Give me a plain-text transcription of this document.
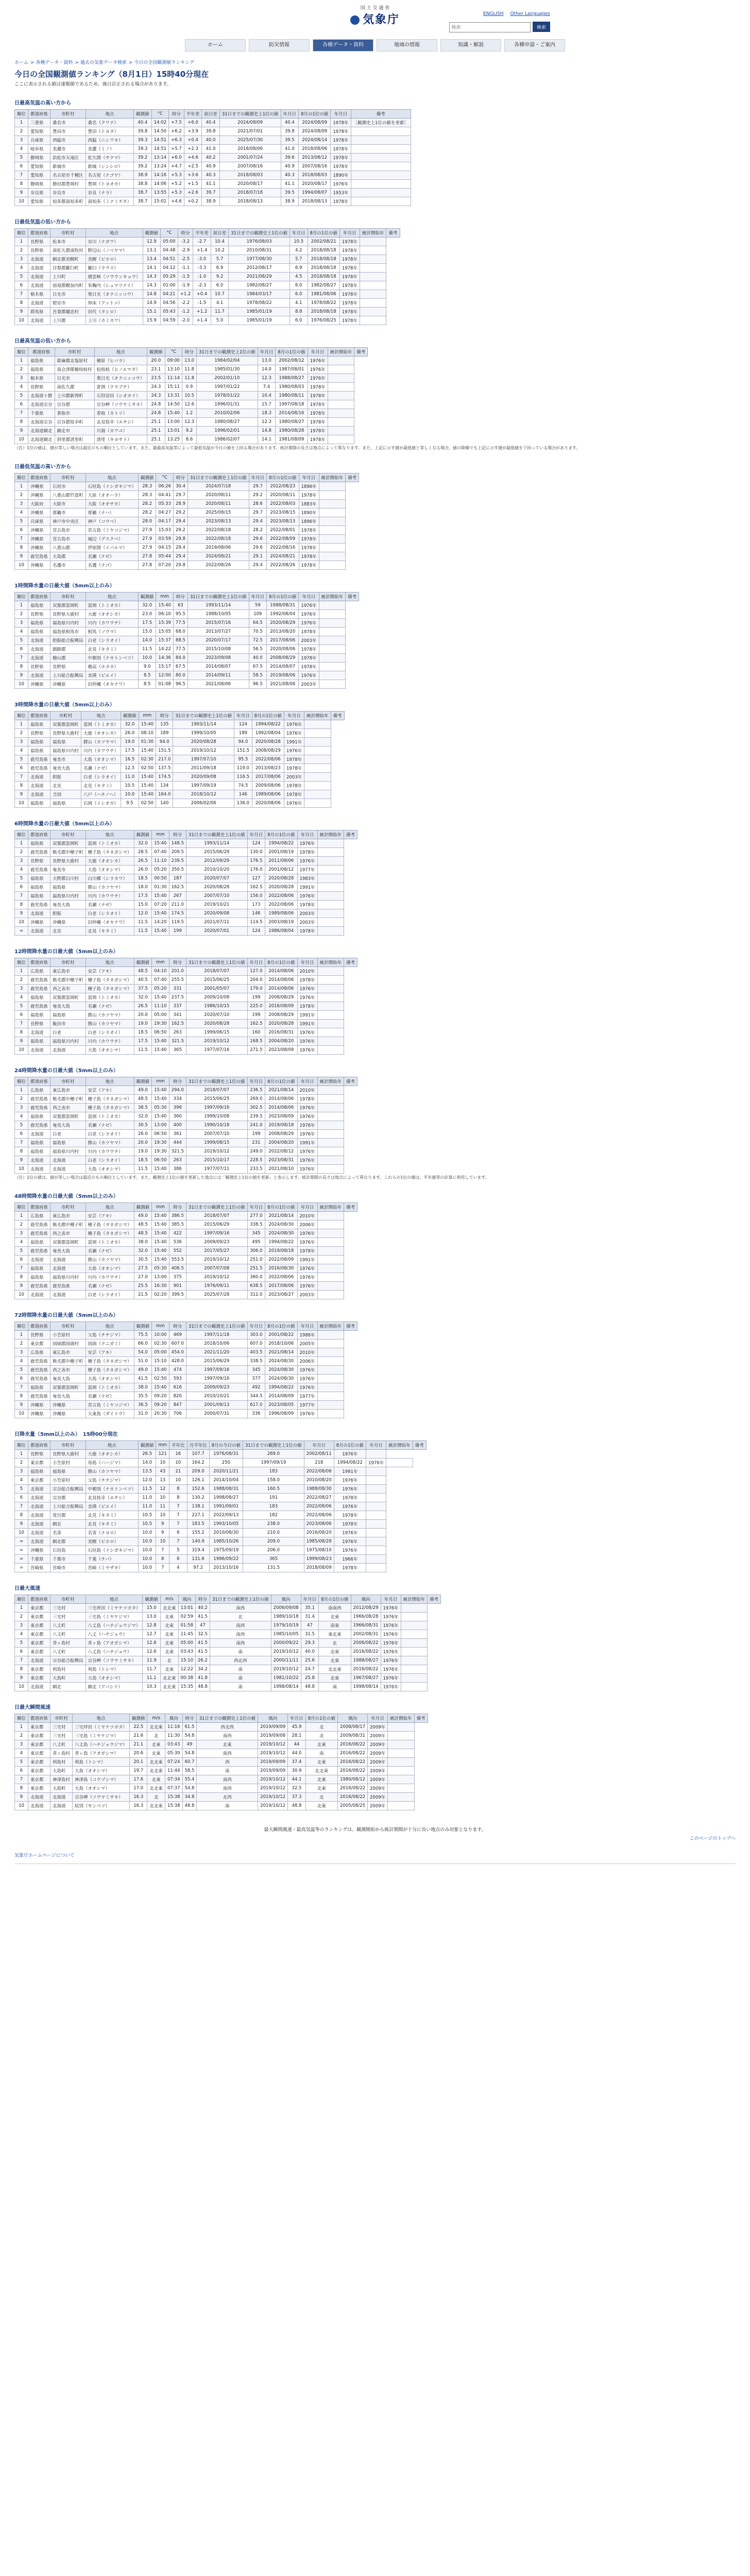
国 土 交 通 省
気象庁	ENGLISH Other Languages
検索 検索
ホーム	防災情報	各種データ・資料	地域の情報	知識・解説	各種申請・ご案内
ホーム > 各種データ・資料 > 過去の気象データ検索 > 今日の全国観測値ランキング
今日の全国観測値ランキング（8月1日）15時40分現在
ここに表示される値は速報値であるため、後日訂正される場合があります。
日最高気温の高い方から
順位	都道府県	市町村	地点	観測値	°C	時分	平年差	前日差	31日までの観測史上1位の値	年月日	8月の1位の値	年月日	備考
1	三重県	桑名市	桑名（クワナ）	40.4	14:02	+7.5	+6.0	40.4	2024/08/09	40.4	2024/08/09	1978年	［観測史上1位の値を更新］
2	愛知県	豊田市	豊田（トヨタ）	39.8	14:50	+6.2	+3.9	39.8	2021/07/01	39.8	2024/08/09	1978年	
3	兵庫県	西脇市	西脇（ニシワキ）	39.3	14:51	+6.3	+0.4	40.0	2025/07/30	39.5	2024/08/14	1978年	
4	岐阜県	美濃市	美濃（ミノ）	39.3	14:51	+5.7	+2.3	41.0	2018/08/06	41.0	2018/08/06	1978年	
5	静岡県	浜松市天竜区	佐久間（サクマ）	39.2	13:14	+6.0	+4.6	40.2	2001/07/24	39.6	2013/08/12	1978年	
6	愛知県	新城市	新城（シンシロ）	39.2	13:24	+4.7	+2.5	40.9	2007/08/16	40.9	2007/08/16	1978年	
7	愛知県	名古屋市千種区	名古屋（ナゴヤ）	38.9	14:16	+5.3	+3.6	40.3	2018/08/03	40.3	2018/08/03	1890年	
8	静岡県	磐田郡豊岡村	豊岡（トヨオカ）	38.8	14:06	+5.2	+1.5	41.1	2020/08/17	41.1	2020/08/17	1976年	
9	奈良県	奈良市	奈良（ナラ）	38.7	13:55	+5.3	+2.6	39.7	2018/07/18	39.5	1994/08/07	1953年	
10	愛知県	知多郡南知多町	南知多（ミナミチタ）	38.7	15:01	+4.6	+0.2	38.9	2018/08/13	38.9	2018/08/13	1978年	
日最低気温の低い方から
順位	都道府県	市町村	地点	観測値	°C	時分	平年差	前日差	31日までの観測史上1位の値	年月日	8月の1位の値	年月日	統計開始年	備考
1	長野県	松本市	奈川（ナガワ）	12.9	05:00	-3.2	-2.7	10.4	1976/08/03	10.5	2002/08/21	1978年		
2	長野県	南佐久郡南牧村	野辺山（ノベヤマ）	13.1	04:48	-2.9	+1.4	10.2	2010/08/31	4.2	2018/08/18	1978年		
3	北海道	網走郡美幌町	美幌（ビホロ）	13.4	04:51	-2.5	-3.0	5.7	1977/08/30	5.7	2018/08/18	1978年		
4	北海道	目梨郡羅臼町	羅臼（ラウス）	14.1	04:12	-1.1	-3.3	6.9	2012/08/17	6.9	2018/08/18	1978年		
5	北海道	上川町	層雲峡（ソウウンキョウ）	14.3	05:29	-1.5	-1.0	9.2	2021/08/29	4.5	2018/08/18	1978年		
6	北海道	雨竜郡幌加内町	朱鞠内（シュマリナイ）	14.3	01:00	-1.9	-2.3	6.0	1982/08/27	6.0	1982/08/27	1978年		
7	栃木県	日光市	奥日光（オクニッコウ）	14.8	04:21	+1.2	+0.4	10.7	1984/03/17	6.0	1981/08/06	1978年		
8	北海道	根室市	厚床（アットコ）	14.9	04:56	-2.2	-1.5	4.1	1978/08/22	4.1	1978/08/22	1978年		
9	群馬県	吾妻郡嬬恋村	田代（タシロ）	15.1	05:43	-1.2	+1.2	11.7	1985/01/19	8.8	2018/08/18	1978年		
10	北海道	上川郡	上川（カミカワ）	15.9	04:59	-2.0	+1.4	5.0	1985/01/19	6.0	1976/08/25	1978年		
日最高気温の低い方から
順位	都道府県	市町村	地点	観測値	°C	時分	31日までの観測史上1位の値	年月日	8月の1位の値	年月日	統計開始年	備考
1	福島県	耶麻郡北塩原村	檜原（ヒバラ）	20.0	09:00	13.0	1984/02/04	13.0	2002/08/12	1976年		
2	福島県	南会津郡檜枝岐村	桧枝岐（ヒノエマタ）	23.1	13:10	11.8	1985/01/30	14.0	1987/08/01	1976年		
3	栃木県	日光市	奥日光（オクニッコウ）	23.5	11:14	11.8	2002/01/10	12.3	1988/08/27	1976年		
4	長野県	南佐久郡	倉渕（クラブチ）	24.3	15:11	0.9	1997/01/22	7.4	1980/08/03	1978年		
5	北海道十勝	上川郡新得町	石狩沼田（シオカリ）	24.3	13:31	10.5	1978/01/22	10.4	1980/08/11	1978年		
6	北海道宗谷	宗谷郡	宗谷岬（ソウヤミサキ）	24.8	14:50	12.6	1996/01/31	15.7	1997/08/18	1978年		
7	千葉県	香取市	香取（カトリ）	24.8	15:40	1.2	2010/02/06	18.3	2014/08/16	1978年		
8	北海道宗谷	宗谷郡枝幸町	北見枝幸（エサシ）	25.1	13:00	12.3	1980/08/27	12.3	1980/08/27	1978年		
9	北海道網走	網走市	川湯（カワユ）	25.1	13:01	9.2	1996/02/01	14.8	1980/08/28	1978年		
10	北海道網走	斜里郡清里町	清里（キヨサト）	25.1	13:25	8.6	1986/02/07	14.1	1981/08/09	1978年		
（注）1位の値は、値が等しい場合は最近のもの順位としています。また、最最高気温等によって最低気温が今日の値を上回る場合があります。統計期間の長さは地点によって異なります。また、上記に示す値が最低値と等しくなる場合、値の降順でも上記に示す値が最低値を下回っている場合があります。
日最低気温の高い方から
順位	都道府県	市町村	地点	観測値	°C	時分	31日までの観測史上1位の値	年月日	8月の1位の値	年月日	統計開始年	備考
1	沖縄県	石垣市	石垣島（イシガキジマ）	28.3	06:26	30.4	2024/07/18	29.7	2022/08/23	1896年		
2	沖縄県	八重山郡竹富町	大原（オオハラ）	28.3	04:41	29.7	2020/08/11	29.2	2020/08/11	1978年		
3	大阪府	大阪市	大阪（オオサカ）	28.2	05:33	28.9	2020/08/11	28.6	2022/08/03	1883年		
4	沖縄県	那覇市	那覇（ナハ）	28.2	04:27	29.2	2025/08/15	29.7	2023/08/15	1890年		
5	兵庫県	神戸市中央区	神戸（コウベ）	28.0	04:17	29.4	2023/08/13	29.4	2023/08/13	1896年		
6	沖縄県	宮古島市	宮古島（ミヤコジマ）	27.9	15:03	29.2	2022/08/18	28.2	2022/08/01	1978年		
7	沖縄県	宮古島市	城辺（グスクベ）	27.9	03:59	29.8	2022/08/18	29.6	2022/08/09	1978年		
8	沖縄県	八重山郡	伊原間（イバルマ）	27.9	04:15	29.4	2019/08/06	29.6	2022/08/16	1978年		
9	鹿児島県	大島郡	名瀬（ナゼ）	27.8	05:44	29.4	2024/08/21	29.1	2024/08/21	1978年		
10	沖縄県	名護市	名護（ナゴ）	27.8	07:20	29.8	2022/08/26	29.4	2022/08/26	1978年		
1時間降水量の日最大値（5mm以上のみ）
順位	都道府県	市町村	地点	観測値	mm	時分	31日までの観測史上1位の値	年月日	8月の1位の値	年月日	統計開始年	備考
1	福島県	双葉郡富岡町	富岡（トミオカ）	32.0	15:40	63	1993/11/14	59	1988/08/31	1976年		
2	長野県	長野県大鹿村	大鹿（オオシカ）	23.0	06:10	95.5	1988/10/05	109	1992/08/04	1976年		
3	福島県	福島県川内村	川内（カワウチ）	17.5	15:39	77.5	2015/07/16	64.5	2020/08/29	1976年		
4	福島県	福島県相馬市	相馬（ソウマ）	15.0	15:05	68.0	2013/07/27	70.5	2013/08/20	1978年		
5	北海道	胆振総合振興局	白老（シラオイ）	14.0	15:37	88.5	2020/07/17	72.5	2017/08/06	2003年		
6	北海道	釧路郡	北見（キタミ）	11.5	14:22	77.5	2015/10/08	56.5	2020/08/06	1978年		
7	北海道	檜山郡	中頓別（ナカトンベツ）	10.0	14:36	84.0	2023/09/08	40.0	2008/08/29	1978年		
8	長野県	長野県	穂高（ホタカ）	9.0	15:17	67.5	2014/08/07	67.5	2014/08/07	1978年		
9	北海道	上川総合振興局	美瑛（ビエイ）	8.5	12:00	80.0	2014/09/11	58.5	2019/08/06	1976年		
10	沖縄県	沖縄県	旧仲縄（オキナワ）	8.5	01:08	96.5	2021/08/06	96.5	2021/08/06	2003年		
3時間降水量の日最大値（5mm以上のみ）
順位	都道府県	市町村	地点	観測値	mm	時分	31日までの観測史上1位の値	年月日	8月の1位の値	年月日	統計開始年	備考
1	福島県	双葉郡富岡町	富岡（トミオカ）	32.0	15:40	135	1993/11/14	124	1994/08/22	1976年		
2	長野県	長野県大鹿村	大鹿（オオシカ）	26.0	08:10	189	1999/10/05	189	1992/08/04	1976年		
3	福島県	福島県	勝山（カツヤマ）	19.0	01:30	94.0	2020/08/28	94.0	2020/08/28	1991年		
4	福島県	福島県川内村	川内（カワウチ）	17.5	15:40	151.5	2019/10/12	151.5	2008/08/29	1976年		
5	鹿児島県	奄美市	大島（オオシマ）	16.5	02:30	217.0	1997/07/10	95.5	2022/08/06	1978年		
6	鹿児島県	奄美大島	名瀬（ナゼ）	12.5	02:50	137.5	2011/09/18	119.0	2013/08/23	1978年		
7	北海道	胆振	白老（シラオイ）	11.0	15:40	174.5	2020/09/08	116.5	2017/08/06	2003年		
8	北海道	北見	北見（キタミ）	10.5	15:40	134	1997/09/19	74.5	2009/08/06	1978年		
9	北海道	当別	八戸（ハチノヘ）	10.0	15:40	164.0	2018/10/12	146	1989/08/06	1978年		
10	福島県	福島県	石岡（イシオカ）	9.5	02:50	140	2006/02/06	136.0	2020/08/06	1976年		
6時間降水量の日最大値（5mm以上のみ）
順位	都道府県	市町村	地点	観測値	mm	時分	31日までの観測史上1位の値	年月日	8月の1位の値	年月日	統計開始年	備考
1	福島県	双葉郡富岡町	富岡（トミオカ）	32.0	15:40	148.5	1993/11/14	124	1994/08/22	1976年		
2	鹿児島県	熊毛郡中種子町	種子島（タネガシマ）	28.5	07:40	209.5	2015/06/29	130.0	2001/08/19	1978年		
3	長野県	長野県大鹿村	大鹿（オオシカ）	26.5	11:10	239.5	2012/09/29	176.5	2011/08/06	1976年		
4	鹿児島県	奄美市	大島（オオシマ）	26.0	05:20	350.5	2010/10/20	176.0	2001/08/12	1977年		
5	福島県	大野郡白川村	白川郷（シラカワ）	18.5	00:50	187	2020/07/07	127	2020/08/28	1983年		
6	福島県	福島県	勝山（カツヤマ）	18.0	01:30	162.5	2020/08/28	162.5	2020/08/28	1991年		
7	福島県	福島県川内村	川内（カワウチ）	17.5	15:40	267	2007/07/10	156.0	2022/08/06	1976年		
8	鹿児島県	奄美大島	名瀬（ナゼ）	15.0	07:20	211.0	2019/10/21	173	2022/08/06	1978年		
9	北海道	胆振	白老（シラオイ）	12.0	15:40	174.5	2020/09/08	146	1989/08/06	2003年		
10	沖縄県	沖縄県	旧仲縄（オキナワ）	11.5	14:20	119.5	2021/07/11	114.5	2003/08/19	2003年		
=	北海道	北見	北見（キタミ）	11.5	15:40	199	2020/07/01	124	1986/08/04	1978年		
12時間降水量の日最大値（5mm以上のみ）
順位	都道府県	市町村	地点	観測値	mm	時分	31日までの観測史上1位の値	年月日	8月の1位の値	年月日	統計開始年	備考
1	広島県	東広島市	安芸（アキ）	48.5	04:10	201.0	2018/07/07	127.0	2014/08/06	2010年		
2	鹿児島県	熊毛郡中種子町	種子島（タネガシマ）	40.5	07:40	255.5	2015/06/25	204.0	2014/08/06	1978年		
3	鹿児島県	西之表市	種子島（タネガシマ）	37.5	05:20	331	2001/05/07	179.0	2014/08/06	1976年		
4	福島県	双葉郡富岡町	富岡（トミオカ）	32.0	15:40	237.5	2009/10/08	199	2008/08/29	1976年		
5	鹿児島県	奄美大島	名瀬（ナゼ）	26.5	11:10	337	1986/10/15	225.0	2016/08/09	1978年		
6	福島県	福島県	勝山（カツヤマ）	20.0	05:00	341	2020/07/10	199	2008/08/29	1991年		
7	長野県	飯田市	勝山（カツヤマ）	19.0	19:30	162.5	2020/08/28	162.5	2020/08/28	1991年		
8	北海道	白老	白老（シラオイ）	18.5	06:50	263	1999/06/15	160	2016/08/31	1976年		
9	福島県	福島県川内村	川内（カワウチ）	17.5	15:40	321.5	2019/10/12	168.5	2004/08/20	1976年		
10	北海道	北海道	大島（オオシマ）	11.5	15:40	365	1977/07/16	271.5	2023/08/09	1976年		
24時間降水量の日最大値（5mm以上のみ）
順位	都道府県	市町村	地点	観測値	mm	時分	31日までの観測史上1位の値	年月日	8月の1位の値	年月日	統計開始年	備考
1	広島県	東広島市	安芸（アキ）	49.0	15:40	294.0	2018/07/07	236.5	2021/08/14	2010年		
2	鹿児島県	熊毛郡中種子町	種子島（タネガシマ）	48.5	15:40	334	2015/06/25	269.0	2014/08/06	1978年		
3	鹿児島県	西之表市	種子島（タネガシマ）	38.5	05:30	396	1997/09/16	302.5	2014/08/06	1976年		
4	福島県	双葉郡富岡町	富岡（トミオカ）	32.0	15:40	360	1999/10/08	239.5	2023/08/09	1976年		
5	鹿児島県	奄美大島	名瀬（ナゼ）	30.5	13:00	400	1990/10/18	241.0	2019/08/18	1978年		
6	北海道	白老	白老（シラオイ）	26.0	06:50	361	2007/07/10	199	2008/08/29	1976年		
7	福島県	福島県	勝山（カツヤマ）	20.0	19:30	444	1999/08/15	231	2004/08/20	1991年		
8	福島県	福島県川内村	川内（カワウチ）	19.0	19:30	321.5	2019/10/12	249.0	2022/08/12	1976年		
9	北海道	北海道	白老（シラオイ）	18.5	06:50	263	2015/10/17	228.5	2023/08/31	1976年		
10	北海道	北海道	大島（オオシマ）	11.5	15:40	386	1977/07/11	233.5	2021/08/10	1976年		
（注）1位の値は、値が等しい場合は最近のもの順位としています。また、観測史上1位の値を更新した地点には「観測史上1位の値を更新」と表示します。統計期間の長さは地点によって異なります。これらの1位の値は、平年値等の計算に利用しています。
48時間降水量の日最大値（5mm以上のみ）
順位	都道府県	市町村	地点	観測値	mm	時分	31日までの観測史上1位の値	年月日	8月の1位の値	年月日	統計開始年	備考
1	広島県	東広島市	安芸（アキ）	49.0	15:40	386.5	2018/07/07	277.0	2021/08/14	2010年		
2	鹿児島県	熊毛郡中種子町	種子島（タネガシマ）	48.5	15:40	385.5	2015/06/29	338.5	2024/08/30	2006年		
3	鹿児島県	西之表市	種子島（タネガシマ）	48.5	15:40	422	1997/09/16	345	2024/08/30	1976年		
4	福島県	双葉郡富岡町	富岡（トミオカ）	38.0	15:40	536	2009/09/23	495	1994/08/22	1976年		
5	鹿児島県	奄美大島	名瀬（ナゼ）	32.0	15:40	552	2017/05/27	306.0	2019/08/18	1978年		
6	北海道	北海道	勝山（カツヤマ）	30.5	15:40	553.5	2019/10/12	251.0	2022/08/09	1991年		
7	福島県	北海道	大島（オオシマ）	27.5	05:30	406.5	2007/07/08	251.5	2016/08/30	1976年		
8	福島県	福島県川内村	川内（カワウチ）	27.0	13:00	375	2019/10/12	360.0	2022/08/06	1976年		
9	鹿児島県	鹿児島県	名瀬（ナゼ）	25.5	16:30	901	1976/09/11	638.5	2017/08/06	1976年		
10	北海道	北海道	白老（シラオイ）	21.5	02:20	399.5	2025/07/28	312.0	2023/08/27	2003年		
72時間降水量の日最大値（5mm以上のみ）
順位	都道府県	市町村	地点	観測値	mm	時分	31日までの観測史上1位の値	年月日	8月の1位の値	年月日	統計開始年	備考
1	長野県	小笠原村	父島（チチジマ）	75.5	10:00	469	1997/11/18	303.0	2001/08/22	1986年		
2	東京都	国頭郡国頭村	国頭（クニガミ）	66.0	02:30	607.0	2018/10/06	607.0	2018/10/06	2005年		
3	広島県	東広島市	安芸（アキ）	54.0	05:00	454.0	2021/11/20	403.5	2021/08/14	2010年		
4	鹿児島県	熊毛郡中種子町	種子島（タネガシマ）	51.0	15:10	428.0	2015/06/29	338.5	2024/08/30	2006年		
5	鹿児島県	西之表市	種子島（タネガシマ）	49.0	15:40	474	1997/09/16	345	2024/08/30	1976年		
6	鹿児島県	奄美大島	大島（オオシマ）	41.5	02:50	593	1997/09/16	377	2024/08/30	1976年		
7	福島県	双葉郡富岡町	富岡（トミオカ）	38.0	15:40	616	2009/09/23	492	1994/08/22	1976年		
8	鹿児島県	奄美大島	名瀬（ナゼ）	35.5	09:20	820	2010/10/21	344.5	2014/08/09	1977年		
9	沖縄県	沖縄県	宮古島（ミヤコジマ）	36.5	09:20	847	2001/09/13	617.0	2023/08/05	1977年		
10	沖縄県	沖縄県	大東島（ダイトウ）	31.0	20:30	706	2000/07/31	336	1996/08/09	1976年		
日降水量（5mm以上のみ）　15時00分現在
順位	都道府県	市町村	地点	観測値	mm	平年比	月平年比	8月の今日の値	31日までの観測史上1位の値	年月日	8月の1位の値	年月日	統計開始年	備考
1	長野県	長野県大鹿村	大鹿（オオシカ）	26.5	121	16	107.7	1976/08/31	269.0	2002/08/11	1976年			
2	東京都	小笠原村	母島（ハハジマ）	14.0	10	10	164.2	250	1997/09/19	218	1994/08/22	1976年		
3	福島県	福島県	勝山（カツヤマ）	13.5	43	21	209.0	2020/11/21	183	2022/08/06	1991年			
4	東京都	小笠原村	父島（チチジマ）	12.0	13	10	126.1	2014/10/04	158.0	2010/08/20	1976年			
5	北海道	宗谷総合振興局	中頓別（ナカトンベツ）	11.5	12	8	152.6	1988/08/31	160.5	1988/08/30	1976年			
6	北海道	宗谷郡	北見枝幸（エサシ）	11.0	10	8	130.2	1998/08/27	191	2022/08/27	1978年			
7	北海道	上川総合振興局	美瑛（ビエイ）	11.0	11	7	138.1	1991/09/01	183	2022/08/06	1976年			
8	北海道	常呂郡	北見（キタミ）	10.5	10	7	227.1	2022/09/13	182	2022/08/06	1978年			
9	北海道	網走	北見（キタミ）	10.5	9	7	183.5	1993/10/05	238.0	2023/08/06	1978年			
10	北海道	名寄	名寄（ナヨロ）	10.0	9	6	155.2	2010/08/30	210.0	2016/08/20	1976年			
=	北海道	網走郡	美幌（ビホロ）	10.0	10	7	140.9	1985/10/26	209.0	1985/08/28	1976年			
=	沖縄県	石垣島	石垣島（イシガキジマ）	10.0	7	5	319.4	1975/09/19	206.0	1975/08/10	1976年			
=	千葉県	千葉市	千葉（チバ）	10.0	8	6	131.6	1996/09/22	365	1999/08/23	1966年			
=	宮崎県	宮崎市	宮崎（ミヤザキ）	10.0	7	4	97.2	2013/10/16	131.5	2018/08/09	1978年			
日最大風速
順位	都道府県	市町村	地点	観測値	m/s	風向	時分	31日までの観測史上1位の値	風向	年月日	8月の1位の値	風向	年月日	統計開始年	備考
1	東京都	三宅村	三宅坪田（ミヤケツボタ）	15.0	北北東	13:01	40.2	南西	2006/09/08	35.1	南南西	2012/08/29	1976年		
2	東京都	三宅村	三宅島（ミヤケジマ）	13.0	北東	02:59	41.5	北	1989/10/18	31.4	北東	1966/08/28	1976年		
3	東京都	八丈町	八丈島（ハチジョウジマ）	12.8	北東	01:58	47	南西	1979/10/19	47	南東	1966/08/31	1976年		
4	東京都	八丈町	八丈（ハチジョウ）	12.7	北東	11:45	32.5	南西	1985/10/05	31.5	東北東	2002/08/31	1976年		
5	東京都	青ヶ島村	青ヶ島（アオガシマ）	12.6	北東	05:00	41.5	南西	2000/09/22	29.3	北	2006/08/22	1976年		
6	東京都	八丈町	八丈島（ハチジョウ）	12.6	北東	03:43	41.5	南	2019/10/12	40.0	北東	2016/08/22	1976年		
7	北海道	宗谷総合振興局	宗谷岬（ソウヤミサキ）	11.9	北	15:10	26.2	西北西	2000/11/11	25.6	北東	1988/08/27	1976年		
8	東京都	利島村	利島（トシマ）	11.7	北東	12:22	34.2	南	2019/10/12	24.7	北北東	2016/08/22	1976年		
9	東京都	大島町	大島（オオシマ）	11.1	北北東	00:38	41.8	南	1981/10/22	25.8	北東	1967/08/27	1976年		
10	北海道	網走	網走（アバシリ）	10.3	北北東	15:35	48.8	南	1998/08/14	48.8	南	1998/08/14	1976年		
日最大瞬間風速
順位	都道府県	市町村	地点	観測値	m/s	風向	時分	31日までの観測史上1位の値	風向	年月日	8月の1位の値	風向	年月日	統計開始年	備考
1	東京都	三宅村	三宅坪田（ミヤケツボタ）	22.5	北北東	11:16	61.5	西北西	2019/09/09	45.9	北	2008/08/17	2009年		
2	東京都	三宅村	三宅島（ミヤケジマ）	21.6	北	11:30	54.8	南西	2019/09/08	28.1	北	2009/08/31	2009年		
3	東京都	八丈町	八丈島（ハチジョウジマ）	21.1	北東	03:43	49	北東	2019/10/12	44	北東	2016/08/22	2009年		
4	東京都	青ヶ島村	青ヶ島（アオガシマ）	20.6	北東	05:30	54.8	南西	2019/10/12	44.0	南	2016/08/22	2009年		
5	東京都	利島村	利島（トシマ）	20.1	北北東	07:24	60.7	西	2019/09/09	37.4	北東	2016/08/22	2009年		
6	東京都	大島町	大島（オオシマ）	19.7	北北東	11:44	58.5	南	2019/09/09	30.9	北北東	2016/08/22	2009年		
7	東京都	神津島村	神津島（コウヅシマ）	17.6	北東	07:34	55.4	南西	2019/10/12	44.1	北東	1980/08/12	2009年		
8	東京都	大島町	大島（オオシマ）	17.0	北北東	07:37	54.8	南西	2019/10/12	32.5	北東	2016/08/22	2009年		
9	北海道	北海道	宗谷岬（ソウヤミサキ）	16.3	北	15:38	34.8	北西	2019/10/12	37.3	北	2016/08/22	2009年		
10	北海道	北海道	紋別（モンベツ）	16.3	北北東	15:38	48.8	南	2019/10/12	48.8	北東	2005/08/25	2009年		
最大瞬間風速・最高気温等のランキングは、観測開始から統計期間が十分に長い地点のみ対象となります。
このページのトップへ
気象庁ホームページについて
